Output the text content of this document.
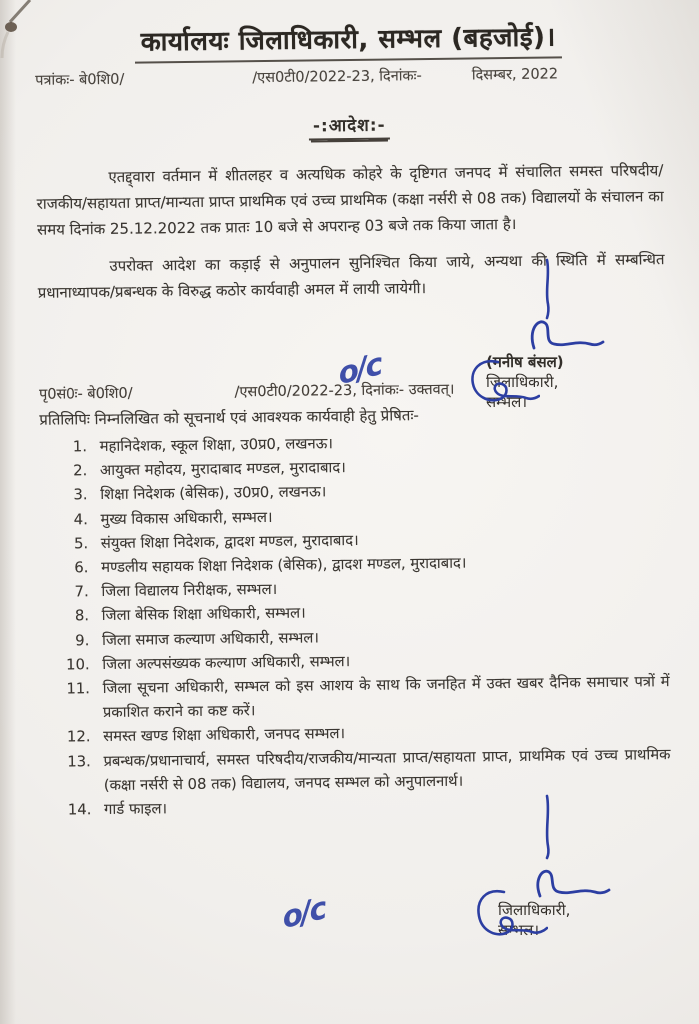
कार्यालयः जिलाधिकारी, सम्भल (बहजोई)।
पत्रांकः- बे0शि0/	/एस0टी0/2022-23, दिनांकः-	दिसम्बर, 2022
-:आदेश:-

एतद्द्वारा वर्तमान में शीतलहर व अत्यधिक कोहरे के दृष्टिगत जनपद में संचालित समस्त परिषदीय/राजकीय/सहायता प्राप्त/मान्यता प्राप्त प्राथमिक एवं उच्च प्राथमिक (कक्षा नर्सरी से 08 तक) विद्यालयों के संचालन का समय दिनांक 25.12.2022 तक प्रातः 10 बजे से अपरान्ह 03 बजे तक किया जाता है।

उपरोक्त आदेश का कड़ाई से अनुपालन सुनिश्चित किया जाये, अन्यथा की स्थिति में सम्बन्धित प्रधानाध्यापक/प्रबन्धक के विरुद्ध कठोर कार्यवाही अमल में लायी जायेगी।

पृ0सं0ः- बे0शि0/	/एस0टी0/2022-23, दिनांकः- उक्तवत्।
प्रतिलिपिः निम्नलिखित को सूचनार्थ एवं आवश्यक कार्यवाही हेतु प्रेषितः-
1. महानिदेशक, स्कूल शिक्षा, उ0प्र0, लखनऊ।
2. आयुक्त महोदय, मुरादाबाद मण्डल, मुरादाबाद।
3. शिक्षा निदेशक (बेसिक), उ0प्र0, लखनऊ।
4. मुख्य विकास अधिकारी, सम्भल।
5. संयुक्त शिक्षा निदेशक, द्वादश मण्डल, मुरादाबाद।
6. मण्डलीय सहायक शिक्षा निदेशक (बेसिक), द्वादश मण्डल, मुरादाबाद।
7. जिला विद्यालय निरीक्षक, सम्भल।
8. जिला बेसिक शिक्षा अधिकारी, सम्भल।
9. जिला समाज कल्याण अधिकारी, सम्भल।
10. जिला अल्पसंख्यक कल्याण अधिकारी, सम्भल।
11. जिला सूचना अधिकारी, सम्भल को इस आशय के साथ कि जनहित में उक्त खबर दैनिक समाचार पत्रों में प्रकाशित कराने का कष्ट करें।
12. समस्त खण्ड शिक्षा अधिकारी, जनपद सम्भल।
13. प्रबन्धक/प्रधानाचार्य, समस्त परिषदीय/राजकीय/मान्यता प्राप्त/सहायता प्राप्त, प्राथमिक एवं उच्च प्राथमिक (कक्षा नर्सरी से 08 तक) विद्यालय, जनपद सम्भल को अनुपालनार्थ।
14. गार्ड फाइल।
(मनीष बंसल)
जिलाधिकारी,
सम्भल।
o/c
जिलाधिकारी,
सम्भल।
o/c
